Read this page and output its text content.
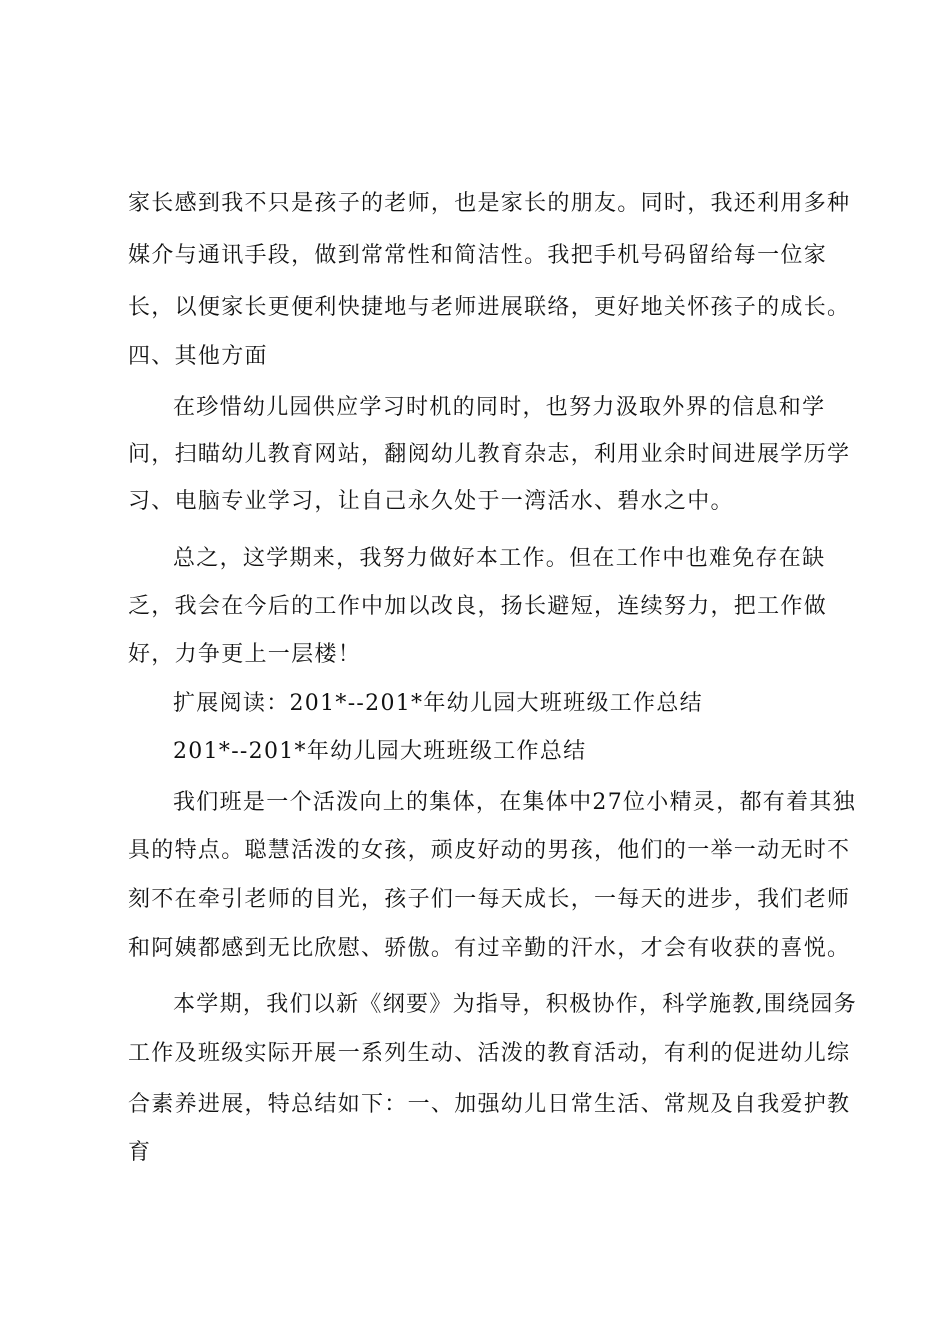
家长感到我不只是孩子的老师，也是家长的朋友。同时，我还利用多种
媒介与通讯手段，做到常常性和简洁性。我把手机号码留给每一位家
长，以便家长更便利快捷地与老师进展联络，更好地关怀孩子的成长。
四、其他方面
在珍惜幼儿园供应学习时机的同时，也努力汲取外界的信息和学
问，扫瞄幼儿教育网站，翻阅幼儿教育杂志，利用业余时间进展学历学
习、电脑专业学习，让自己永久处于一湾活水、碧水之中。
总之，这学期来，我努力做好本工作。但在工作中也难免存在缺
乏，我会在今后的工作中加以改良，扬长避短，连续努力，把工作做
好，力争更上一层楼！
扩展阅读：201*--201*年幼儿园大班班级工作总结
201*--201*年幼儿园大班班级工作总结
我们班是一个活泼向上的集体，在集体中27位小精灵，都有着其独
具的特点。聪慧活泼的女孩，顽皮好动的男孩，他们的一举一动无时不
刻不在牵引老师的目光，孩子们一每天成长，一每天的进步，我们老师
和阿姨都感到无比欣慰、骄傲。有过辛勤的汗水，才会有收获的喜悦。
本学期，我们以新《纲要》为指导，积极协作，科学施教,围绕园务
工作及班级实际开展一系列生动、活泼的教育活动，有利的促进幼儿综
合素养进展，特总结如下：一、加强幼儿日常生活、常规及自我爱护教
育
